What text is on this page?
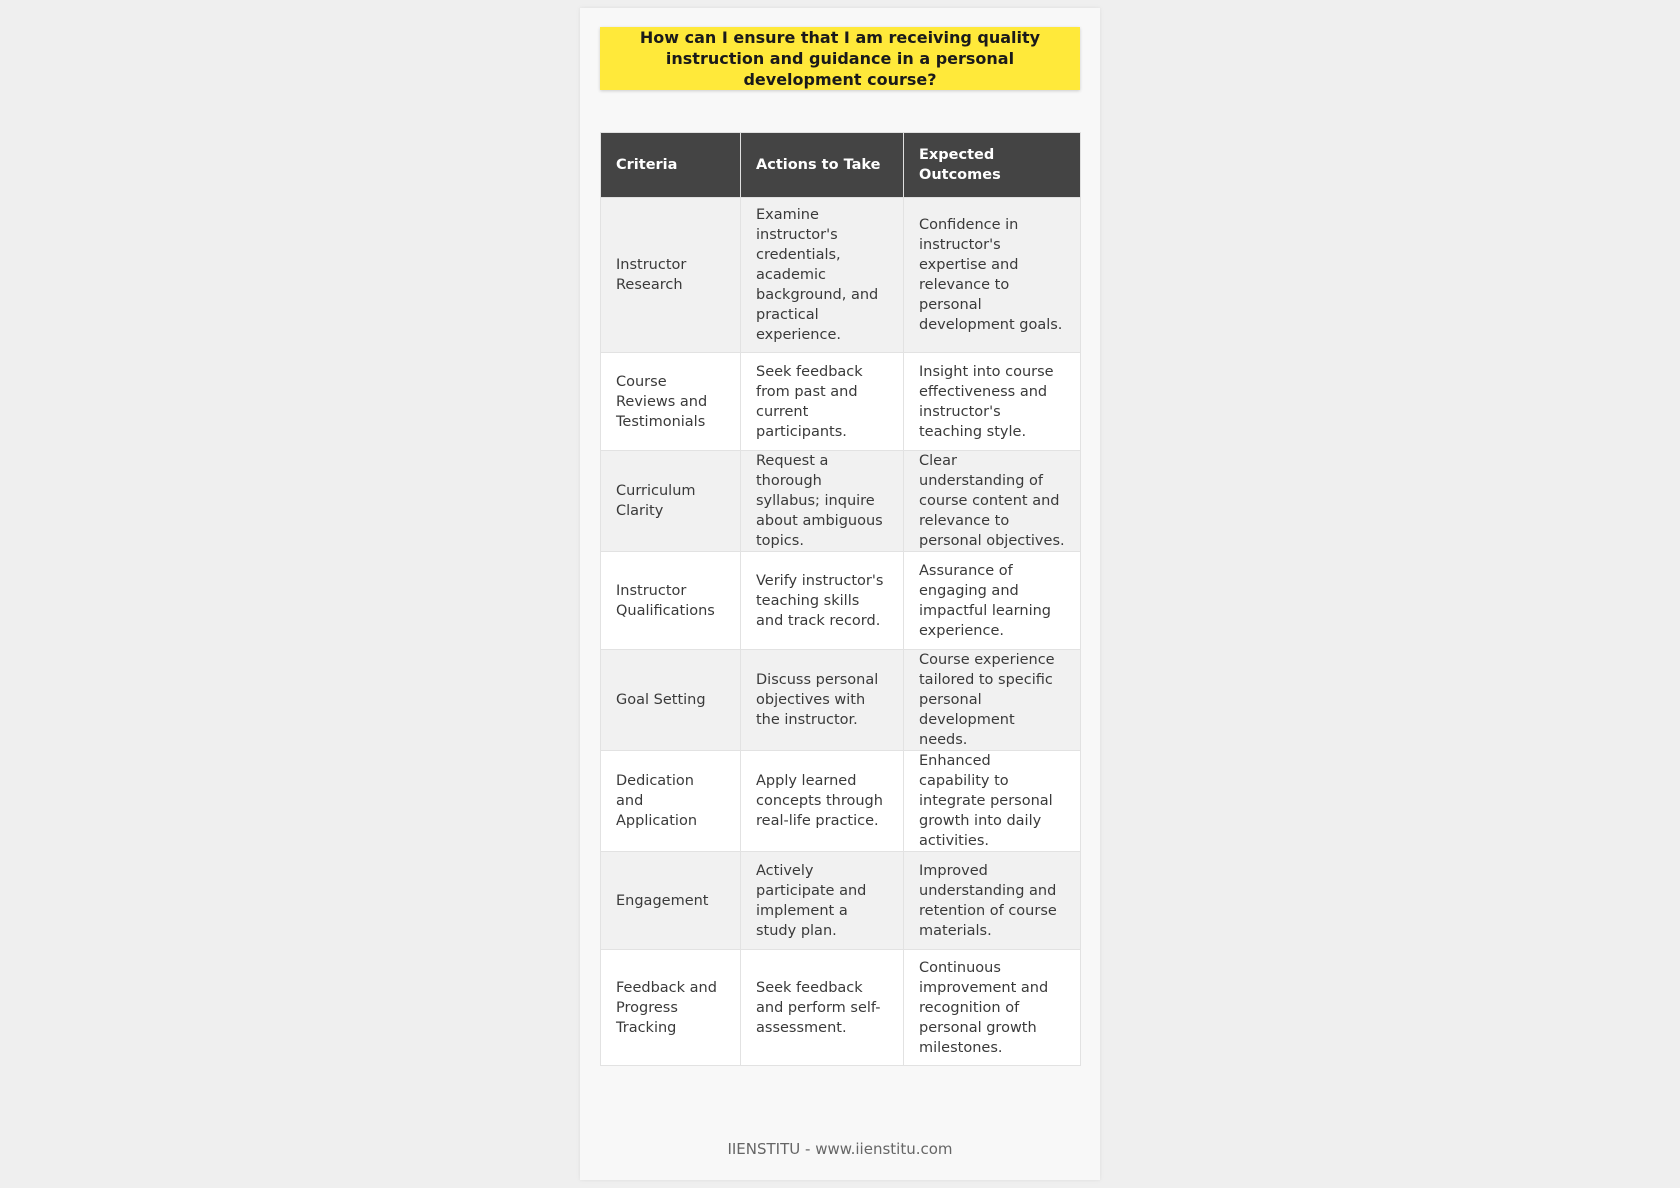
How can I ensure that I am receiving quality instruction and guidance in a personal development course?
Criteria	Actions to Take	Expected Outcomes
Instructor Research	Examine instructor's credentials, academic background, and practical experience.	Confidence in instructor's expertise and relevance to personal development goals.
Course Reviews and Testimonials	Seek feedback from past and current participants.	Insight into course effectiveness and instructor's teaching style.
Curriculum Clarity	Request a thorough syllabus; inquire about ambiguous topics.	Clear understanding of course content and relevance to personal objectives.
Instructor Qualifications	Verify instructor's teaching skills and track record.	Assurance of engaging and impactful learning experience.
Goal Setting	Discuss personal objectives with the instructor.	Course experience tailored to specific personal development needs.
Dedication and Application	Apply learned concepts through real-life practice.	Enhanced capability to integrate personal growth into daily activities.
Engagement	Actively participate and implement a study plan.	Improved understanding and retention of course materials.
Feedback and Progress Tracking	Seek feedback and perform self-assessment.	Continuous improvement and recognition of personal growth milestones.
IIENSTITU - www.iienstitu.com
